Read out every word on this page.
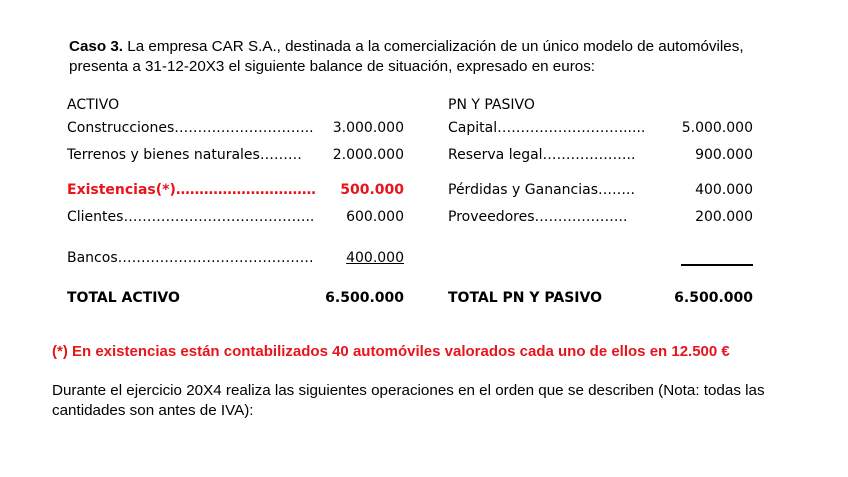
Caso 3. La empresa CAR S.A., destinada a la comercialización de un único modelo de automóviles, presenta a 31-12-20X3 el siguiente balance de situación, expresado en euros:
ACTIVO
Construcciones……….………………..	3.000.000
Terrenos y bienes naturales………	2.000.000
Existencias(*)…………………………	500.000
Clientes…………………………………..	600.000
Bancos……………………………………	400.000
TOTAL ACTIVO	6.500.000
PN Y PASIVO
Capital……………………….....	5.000.000
Reserva legal………………..	900.000
Pérdidas y Ganancias……..	400.000
Proveedores………………..	200.000
TOTAL PN Y PASIVO	6.500.000
(*) En existencias están contabilizados 40 automóviles valorados cada uno de ellos en 12.500 €
Durante el ejercicio 20X4 realiza las siguientes operaciones en el orden que se describen (Nota: todas las cantidades son antes de IVA):
